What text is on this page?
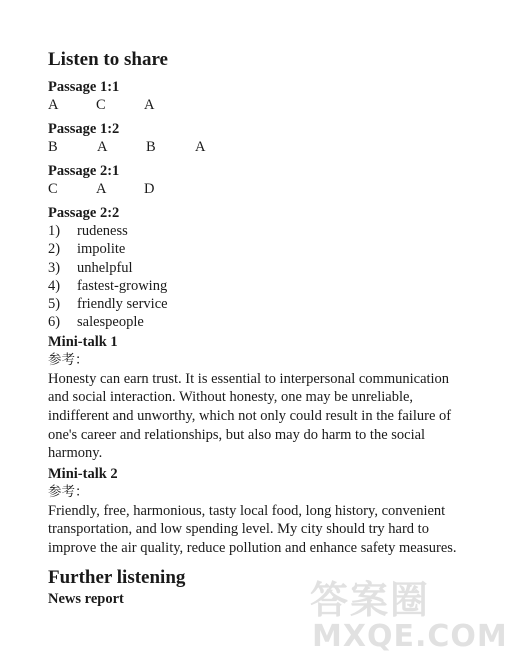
Listen to share
Passage 1:1
A	C	A
Passage 1:2
B	A	B	A
Passage 2:1
C	A	D
Passage 2:2
1)	rudeness
2)	impolite
3)	unhelpful
4)	fastest-growing
5)	friendly service
6)	salespeople
Mini-talk 1
参考：
Honesty can earn trust. It is essential to interpersonal communication and social interaction. Without honesty, one may be unreliable, indifferent and unworthy, which not only could result in the failure of one's career and relationships, but also may do harm to the social harmony.
Mini-talk 2
参考：
Friendly, free, harmonious, tasty local food, long history, convenient transportation, and low spending level. My city should try hard to improve the air quality, reduce pollution and enhance safety measures.
Further listening
News report	答案圈
MXQE.COM
